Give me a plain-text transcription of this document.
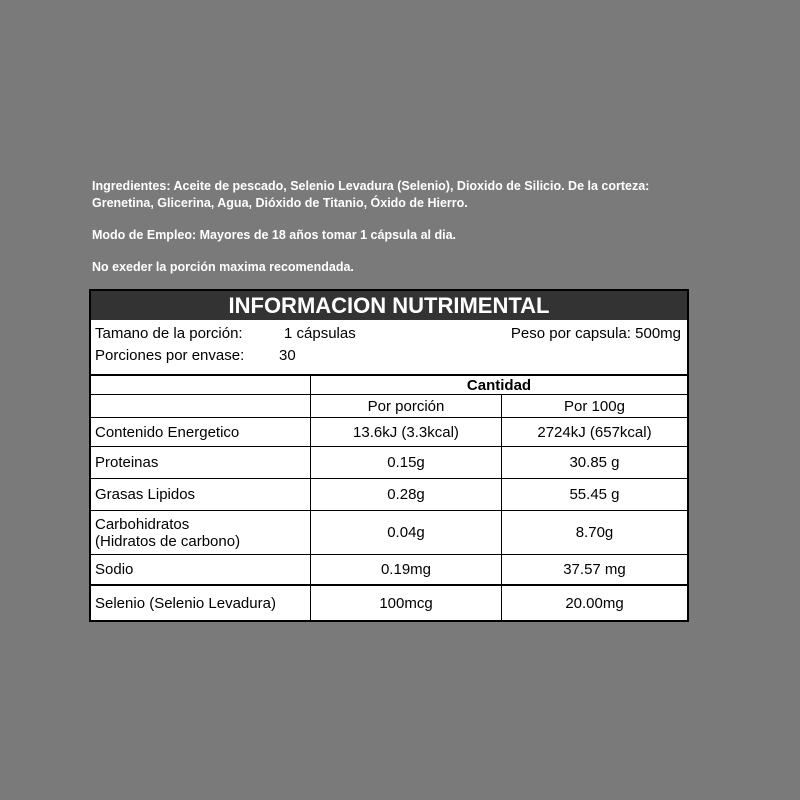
Ingredientes: Aceite de pescado, Selenio Levadura (Selenio), Dioxido de Silicio. De la corteza:

Grenetina, Glicerina, Agua, Dióxido de Titanio, Óxido de Hierro.

Modo de Empleo: Mayores de 18 años tomar 1 cápsula al dia.

No exeder la porción maxima recomendada.

INFORMACION NUTRIMENTAL
Tamano de la porción:	1 cápsulas	Peso por capsula: 500mg
Porciones por envase: 30
	Cantidad	
	Por porción	Por 100g
Contenido Energetico	13.6kJ (3.3kcal)	2724kJ (657kcal)
Proteinas	0.15g	30.85 g
Grasas Lipidos	0.28g	55.45 g

Carbohidratos
(Hidratos de carbono)	0.04g	8.70g
Sodio	0.19mg	37.57 mg
Selenio (Selenio Levadura)	100mcg	20.00mg
